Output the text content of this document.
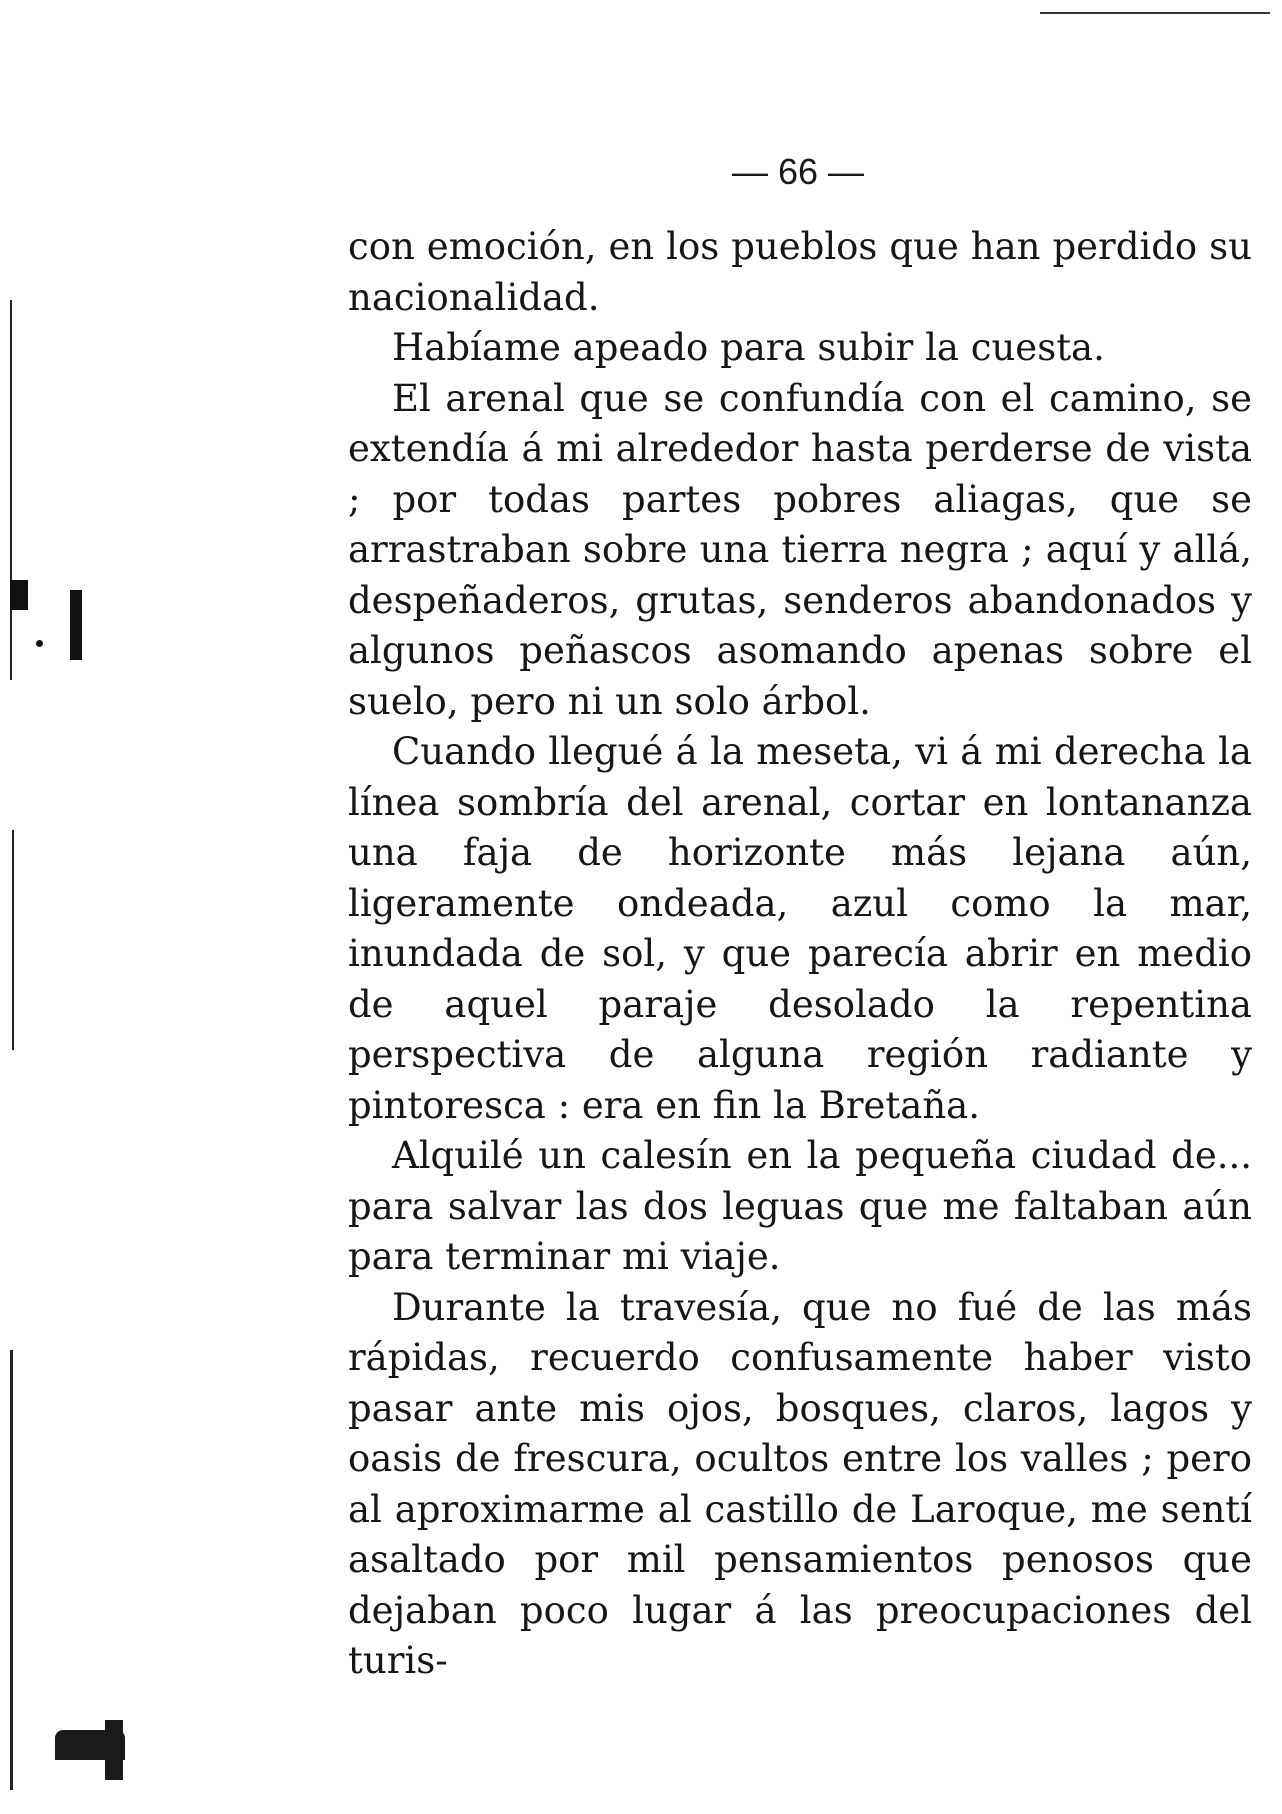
— 66 —

con emoción, en los pueblos que han perdido su nacionalidad.

Habíame apeado para subir la cuesta.

El arenal que se confundía con el camino, se extendía á mi alrededor hasta perderse de vista ; por todas partes pobres aliagas, que se arrastraban sobre una tierra negra ; aquí y allá, despeñaderos, grutas, senderos abandonados y algunos peñascos asomando apenas sobre el suelo, pero ni un solo árbol.

Cuando llegué á la meseta, vi á mi derecha la línea sombría del arenal, cortar en lontananza una faja de horizonte más lejana aún, ligeramente ondeada, azul como la mar, inundada de sol, y que parecía abrir en medio de aquel paraje desolado la repentina perspectiva de alguna región radiante y pintoresca : era en fin la Bretaña.

Alquilé un calesín en la pequeña ciudad de... para salvar las dos leguas que me faltaban aún para terminar mi viaje.

Durante la travesía, que no fué de las más rápidas, recuerdo confusamente haber visto pasar ante mis ojos, bosques, claros, lagos y oasis de frescura, ocultos entre los valles ; pero al aproximarme al castillo de Laroque, me sentí asaltado por mil pensamientos penosos que dejaban poco lugar á las preocupaciones del turis-
